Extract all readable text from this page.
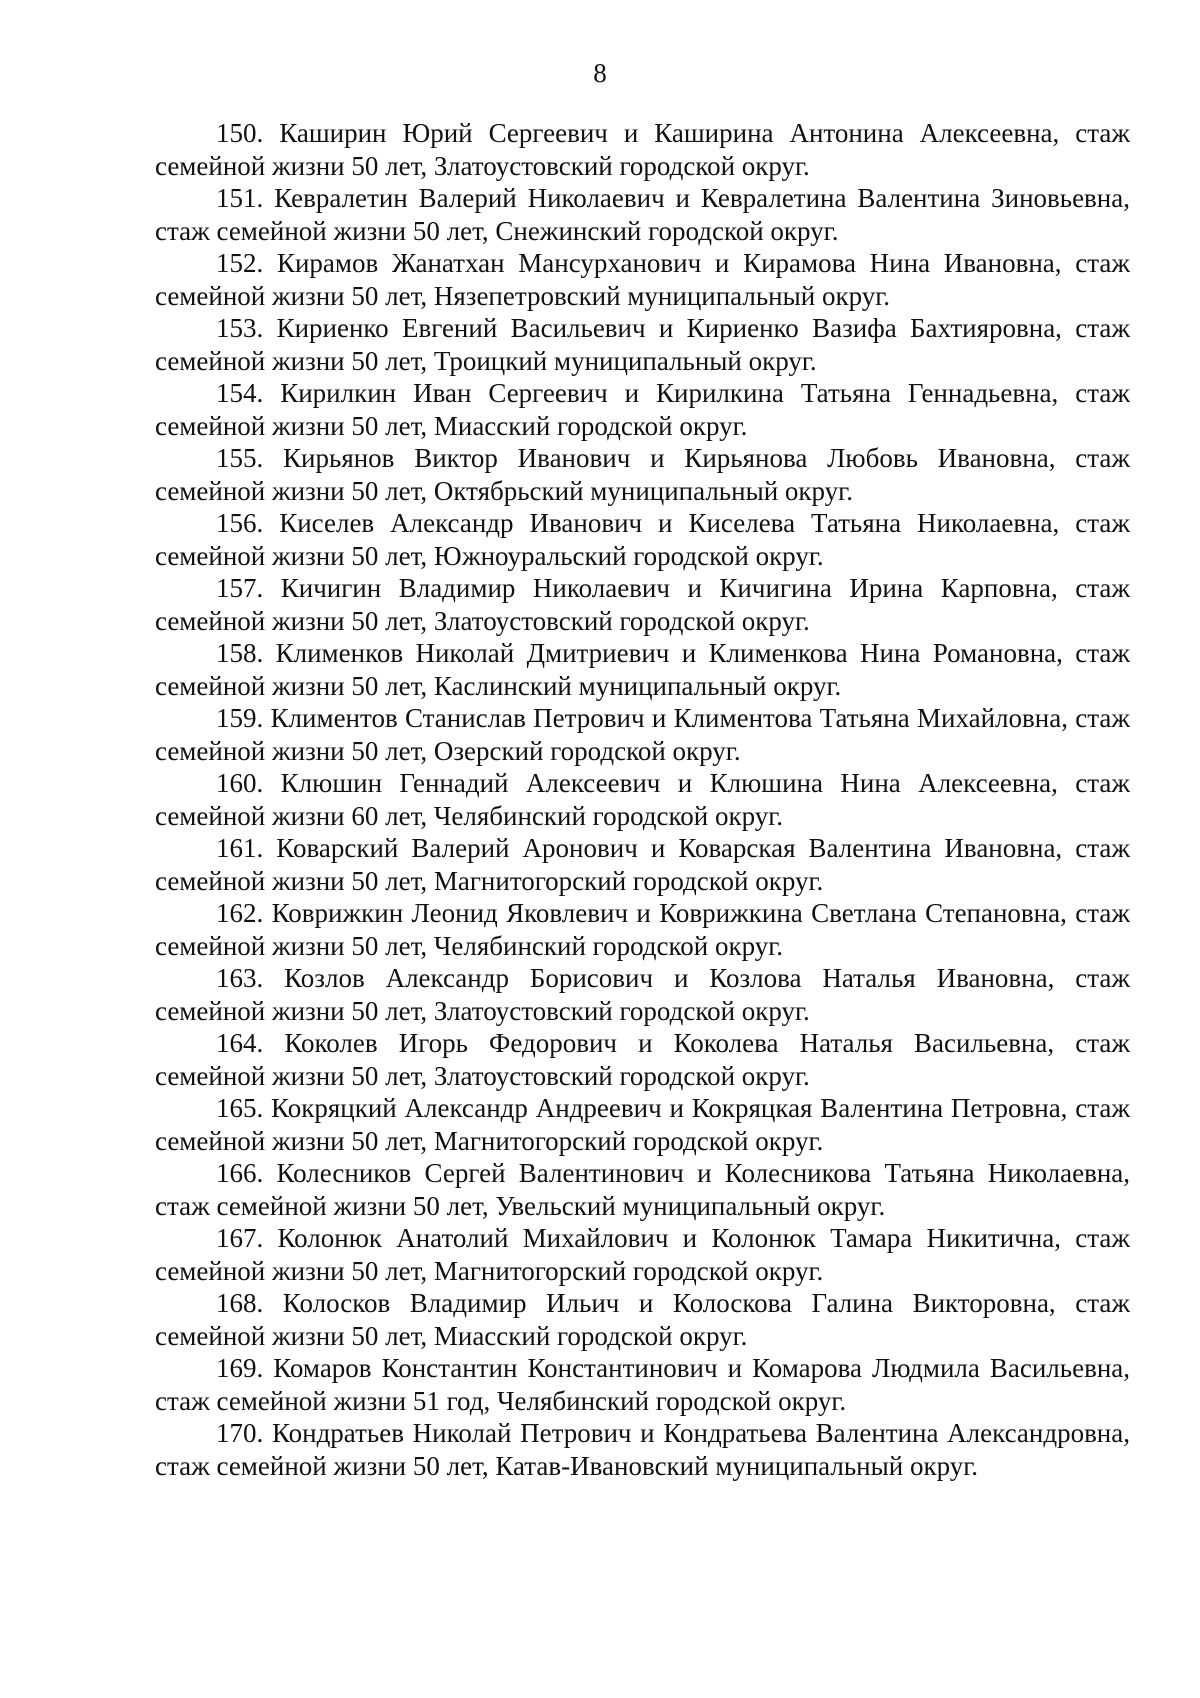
8

150. Каширин Юрий Сергеевич и Каширина Антонина Алексеевна, стаж семейной жизни 50 лет, Златоустовский городской округ.

151. Кевралетин Валерий Николаевич и Кевралетина Валентина Зиновьевна, стаж семейной жизни 50 лет, Снежинский городской округ.

152. Кирамов Жанатхан Мансурханович и Кирамова Нина Ивановна, стаж семейной жизни 50 лет, Нязепетровский муниципальный округ.

153. Кириенко Евгений Васильевич и Кириенко Вазифа Бахтияровна, стаж семейной жизни 50 лет, Троицкий муниципальный округ.

154. Кирилкин Иван Сергеевич и Кирилкина Татьяна Геннадьевна, стаж семейной жизни 50 лет, Миасский городской округ.

155. Кирьянов Виктор Иванович и Кирьянова Любовь Ивановна, стаж семейной жизни 50 лет, Октябрьский муниципальный округ.

156. Киселев Александр Иванович и Киселева Татьяна Николаевна, стаж семейной жизни 50 лет, Южноуральский городской округ.

157. Кичигин Владимир Николаевич и Кичигина Ирина Карповна, стаж семейной жизни 50 лет, Златоустовский городской округ.

158. Клименков Николай Дмитриевич и Клименкова Нина Романовна, стаж семейной жизни 50 лет, Каслинский муниципальный округ.

159. Климентов Станислав Петрович и Климентова Татьяна Михайловна, стаж семейной жизни 50 лет, Озерский городской округ.

160. Клюшин Геннадий Алексеевич и Клюшина Нина Алексеевна, стаж семейной жизни 60 лет, Челябинский городской округ.

161. Коварский Валерий Аронович и Коварская Валентина Ивановна, стаж семейной жизни 50 лет, Магнитогорский городской округ.

162. Коврижкин Леонид Яковлевич и Коврижкина Светлана Степановна, стаж семейной жизни 50 лет, Челябинский городской округ.

163. Козлов Александр Борисович и Козлова Наталья Ивановна, стаж семейной жизни 50 лет, Златоустовский городской округ.

164. Коколев Игорь Федорович и Коколева Наталья Васильевна, стаж семейной жизни 50 лет, Златоустовский городской округ.

165. Кокряцкий Александр Андреевич и Кокряцкая Валентина Петровна, стаж семейной жизни 50 лет, Магнитогорский городской округ.

166. Колесников Сергей Валентинович и Колесникова Татьяна Николаевна, стаж семейной жизни 50 лет, Увельский муниципальный округ.

167. Колонюк Анатолий Михайлович и Колонюк Тамара Никитична, стаж семейной жизни 50 лет, Магнитогорский городской округ.

168. Колосков Владимир Ильич и Колоскова Галина Викторовна, стаж семейной жизни 50 лет, Миасский городской округ.

169. Комаров Константин Константинович и Комарова Людмила Васильевна, стаж семейной жизни 51 год, Челябинский городской округ.

170. Кондратьев Николай Петрович и Кондратьева Валентина Александровна, стаж семейной жизни 50 лет, Катав-Ивановский муниципальный округ.
